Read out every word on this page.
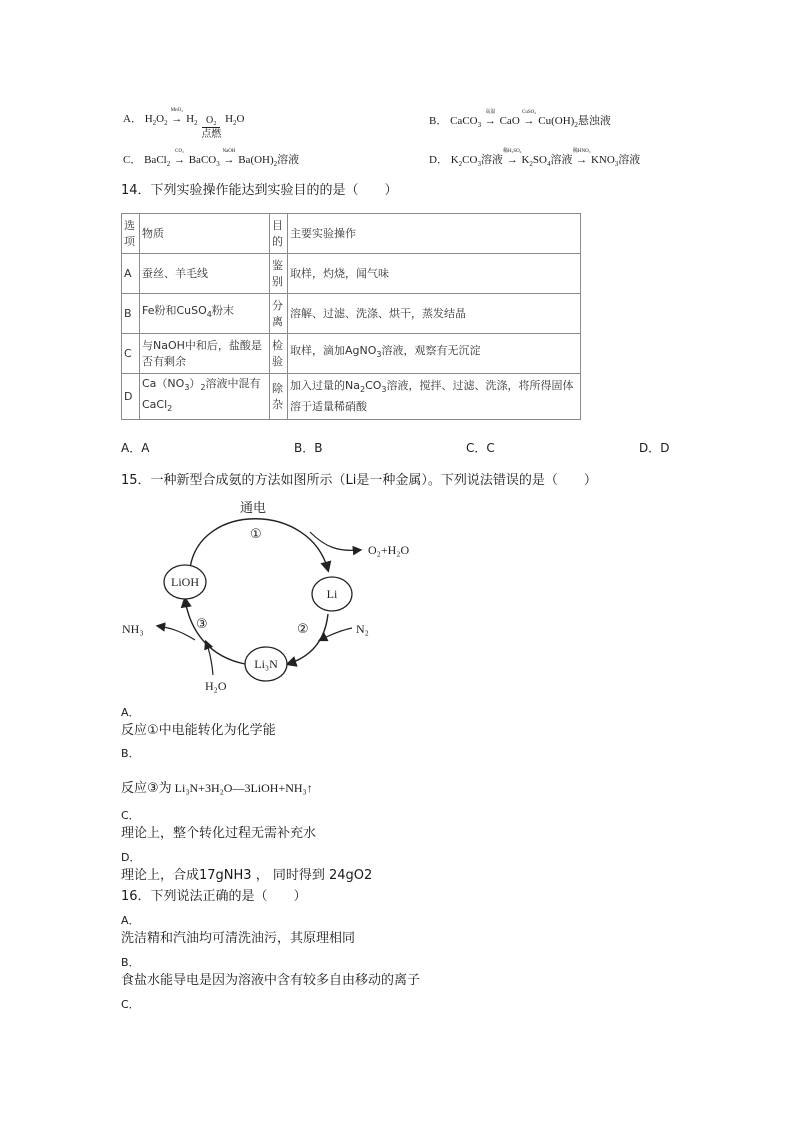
A． $H_2O_2$
MnO₂
→ $H_2$
$\frac{\text{O₂}}{\text{点燃}}$
$H_2O$	B． CaCO$_3$
高温
→ CaO
CuSO₄
→ $Cu(OH)_2$悬浊液
C． BaCl$_2$
CO₂
→ BaCO$_3$
NaOH
→ $Ba(OH)_2$溶液	D． $K_2CO_3$溶液
稀H₂SO₄
→ $K_2SO_4$溶液
稀HNO₃
→ $KNO_3$溶液
14．下列实验操作能达到实验目的的是（　　）
选项	物质	目的	主要实验操作
A	蚕丝、羊毛线	鉴别	取样，灼烧，闻气味
B	Fe粉和CuSO$_4$粉末	分离	溶解、过滤、洗涤、烘干，蒸发结晶
C	与NaOH中和后，盐酸是否有剩余	检验	取样，滴加AgNO$_3$溶液，观察有无沉淀
D	$Ca(NO_3)_2$溶液中混有CaCl$_2$	除杂	加入过量的$Na_2CO_3$溶液，搅拌、过滤、洗涤，将所得固体溶于适量稀硝酸
A．A	B．B	C．C	D．D
15．一种新型合成氨的方法如图所示（Li是一种金属）。下列说法错误的是（　　）
通电
①
②
③
LiOH
Li
Li₃N
O₂+H₂O
N₂
NH₃
H₂O
A．
反应①中电能转化为化学能
B．
反应③为 Li₃N+3H₂O—3LiOH+NH₃↑
C．
理论上，整个转化过程无需补充水
D．
理论上，合成17gNH3 ， 同时得到 24gO2
16．下列说法正确的是（　　）
A．
洗洁精和汽油均可清洗油污，其原理相同
B．
食盐水能导电是因为溶液中含有较多自由移动的离子
C．
